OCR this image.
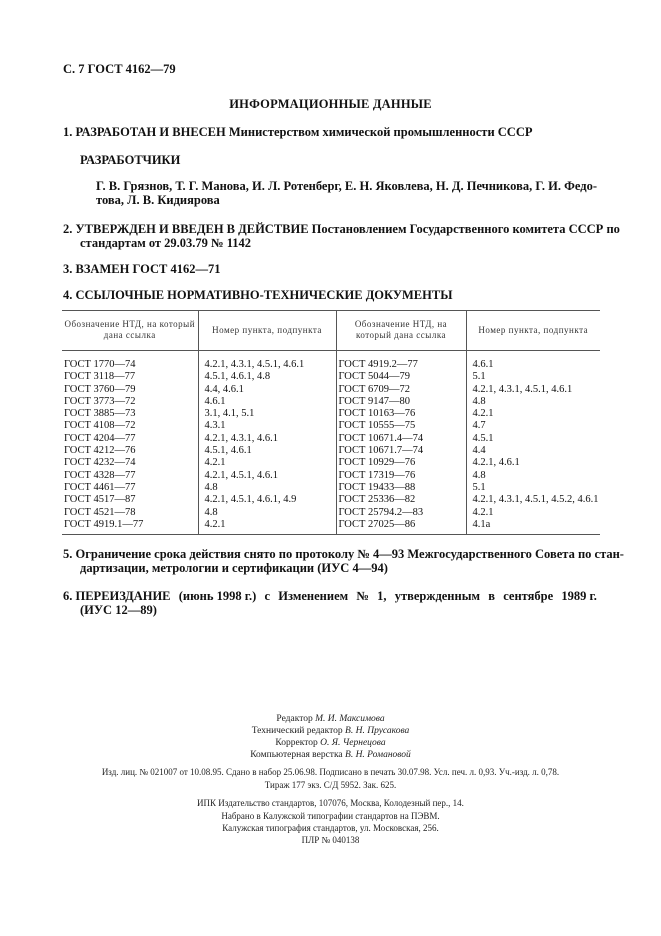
С. 7 ГОСТ 4162—79
ИНФОРМАЦИОННЫЕ ДАННЫЕ
1. РАЗРАБОТАН И ВНЕСЕН Министерством химической промышленности СССР
РАЗРАБОТЧИКИ
Г. В. Грязнов, Т. Г. Манова, И. Л. Ротенберг, Е. Н. Яковлева, Н. Д. Печникова, Г. И. Федо-
това, Л. В. Кидиярова
2. УТВЕРЖДЕН И ВВЕДЕН В ДЕЙСТВИЕ Постановлением Государственного комитета СССР по
стандартам от 29.03.79 № 1142
3. ВЗАМЕН ГОСТ 4162—71
4. ССЫЛОЧНЫЕ НОРМАТИВНО-ТЕХНИЧЕСКИЕ ДОКУМЕНТЫ
Обозначение НТД, на который дана ссылка	Номер пункта, подпункта	Обозначение НТД, на который дана ссылка	Номер пункта, подпункта
ГОСТ 1770—74	4.2.1, 4.3.1, 4.5.1, 4.6.1	ГОСТ 4919.2—77	4.6.1
ГОСТ 3118—77	4.5.1, 4.6.1, 4.8	ГОСТ 5044—79	5.1
ГОСТ 3760—79	4.4, 4.6.1	ГОСТ 6709—72	4.2.1, 4.3.1, 4.5.1, 4.6.1
ГОСТ 3773—72	4.6.1	ГОСТ 9147—80	4.8
ГОСТ 3885—73	3.1, 4.1, 5.1	ГОСТ 10163—76	4.2.1
ГОСТ 4108—72	4.3.1	ГОСТ 10555—75	4.7
ГОСТ 4204—77	4.2.1, 4.3.1, 4.6.1	ГОСТ 10671.4—74	4.5.1
ГОСТ 4212—76	4.5.1, 4.6.1	ГОСТ 10671.7—74	4.4
ГОСТ 4232—74	4.2.1	ГОСТ 10929—76	4.2.1, 4.6.1
ГОСТ 4328—77	4.2.1, 4.5.1, 4.6.1	ГОСТ 17319—76	4.8
ГОСТ 4461—77	4.8	ГОСТ 19433—88	5.1
ГОСТ 4517—87	4.2.1, 4.5.1, 4.6.1, 4.9	ГОСТ 25336—82	4.2.1, 4.3.1, 4.5.1, 4.5.2, 4.6.1
ГОСТ 4521—78	4.8	ГОСТ 25794.2—83	4.2.1
ГОСТ 4919.1—77	4.2.1	ГОСТ 27025—86	4.1а
5. Ограничение срока действия снято по протоколу № 4—93 Межгосударственного Совета по стан-
дартизации, метрологии и сертификации (ИУС 4—94)
6. ПЕРЕИЗДАНИЕ (июнь 1998 г.) с Изменением № 1, утвержденным в сентябре 1989 г.
(ИУС 12—89)
Редактор М. И. Максимова
Технический редактор В. Н. Прусакова
Корректор О. Я. Чернецова
Компьютерная верстка В. Н. Романовой
Изд. лиц. № 021007 от 10.08.95. Сдано в набор 25.06.98. Подписано в печать 30.07.98. Усл. печ. л. 0,93. Уч.-изд. л. 0,78.
Тираж 177 экз. С/Д 5952. Зак. 625.
ИПК Издательство стандартов, 107076, Москва, Колодезный пер., 14.
Набрано в Калужской типографии стандартов на ПЭВМ.
Калужская типография стандартов, ул. Московская, 256.
ПЛР № 040138
